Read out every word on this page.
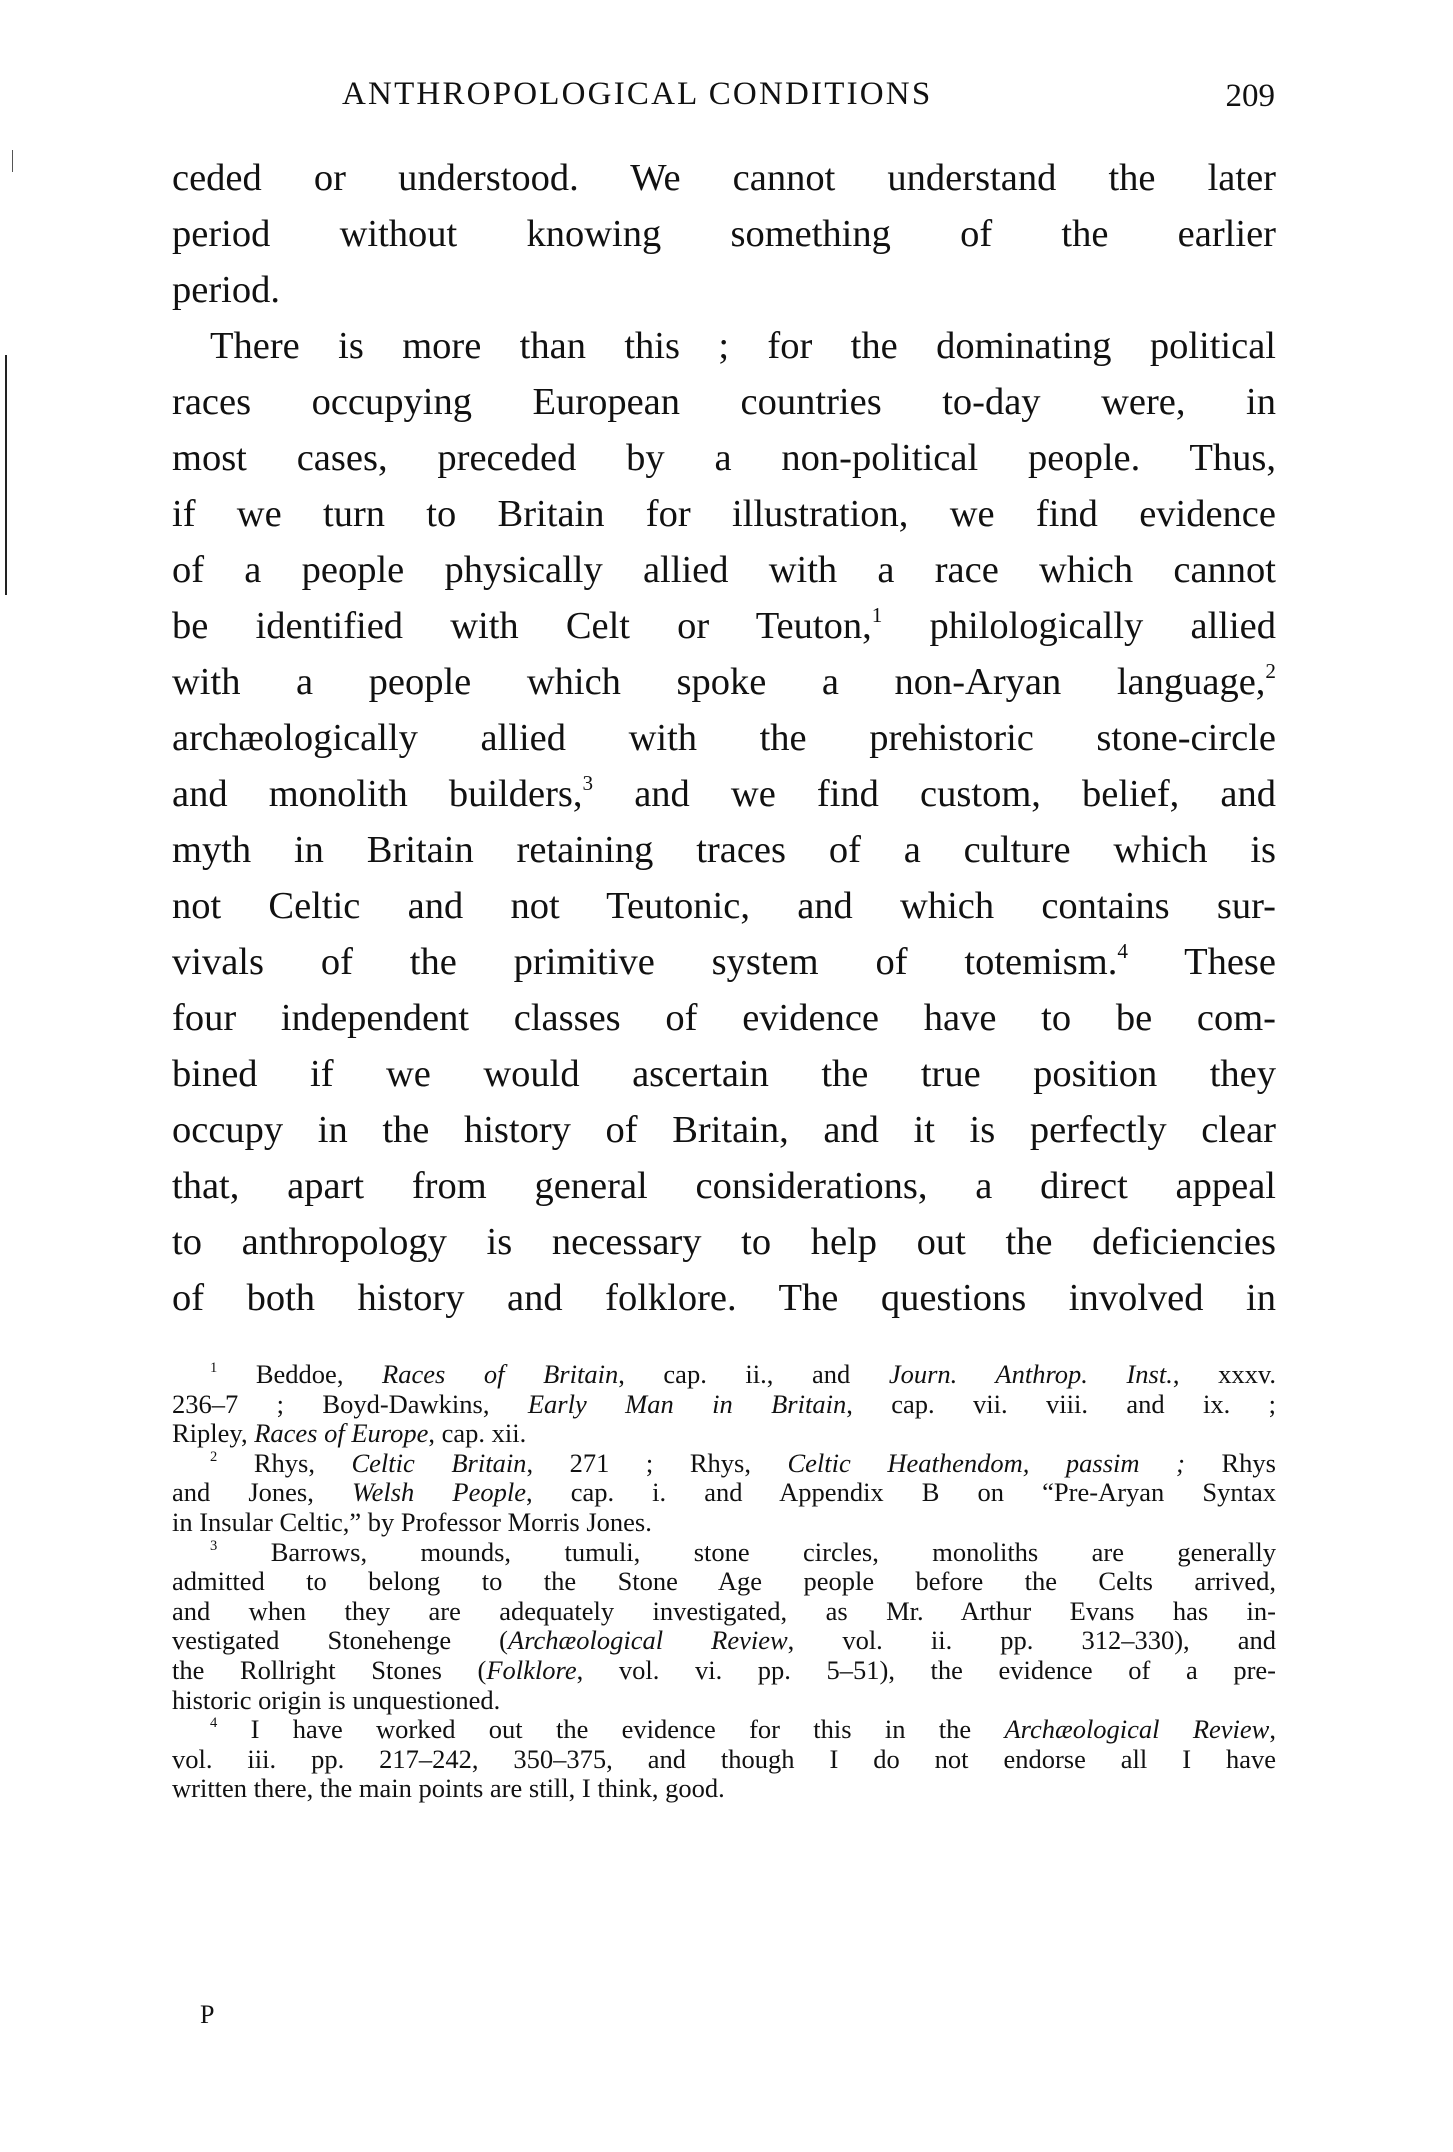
ANTHROPOLOGICAL CONDITIONS	209
ceded or understood. We cannot understand the later
period without knowing something of the earlier
period.
There is more than this ; for the dominating political
races occupying European countries to-day were, in
most cases, preceded by a non-political people. Thus,
if we turn to Britain for illustration, we find evidence
of a people physically allied with a race which cannot
be identified with Celt or Teuton,$^1$ philologically allied
with a people which spoke a non-Aryan language,$^2$
archæologically allied with the prehistoric stone-circle
and monolith builders,$^3$ and we find custom, belief, and
myth in Britain retaining traces of a culture which is
not Celtic and not Teutonic, and which contains sur-
vivals of the primitive system of totemism.$^4$ These
four independent classes of evidence have to be com-
bined if we would ascertain the true position they
occupy in the history of Britain, and it is perfectly clear
that, apart from general considerations, a direct appeal
to anthropology is necessary to help out the deficiencies
of both history and folklore. The questions involved in
$^1$ Beddoe, Races of Britain, cap. ii., and Journ. Anthrop. Inst., xxxv.
236–7 ; Boyd-Dawkins, Early Man in Britain, cap. vii. viii. and ix. ;
Ripley, Races of Europe, cap. xii.
$^2$ Rhys, Celtic Britain, 271 ; Rhys, Celtic Heathendom, passim ; Rhys
and Jones, Welsh People, cap. i. and Appendix B on “Pre-Aryan Syntax
in Insular Celtic,” by Professor Morris Jones.
$^3$ Barrows, mounds, tumuli, stone circles, monoliths are generally
admitted to belong to the Stone Age people before the Celts arrived,
and when they are adequately investigated, as Mr. Arthur Evans has in-
vestigated Stonehenge (Archæological Review, vol. ii. pp. 312–330), and
the Rollright Stones (Folklore, vol. vi. pp. 5–51), the evidence of a pre-
historic origin is unquestioned.
$^4$ I have worked out the evidence for this in the Archæological Review,
vol. iii. pp. 217–242, 350–375, and though I do not endorse all I have
written there, the main points are still, I think, good.
P
